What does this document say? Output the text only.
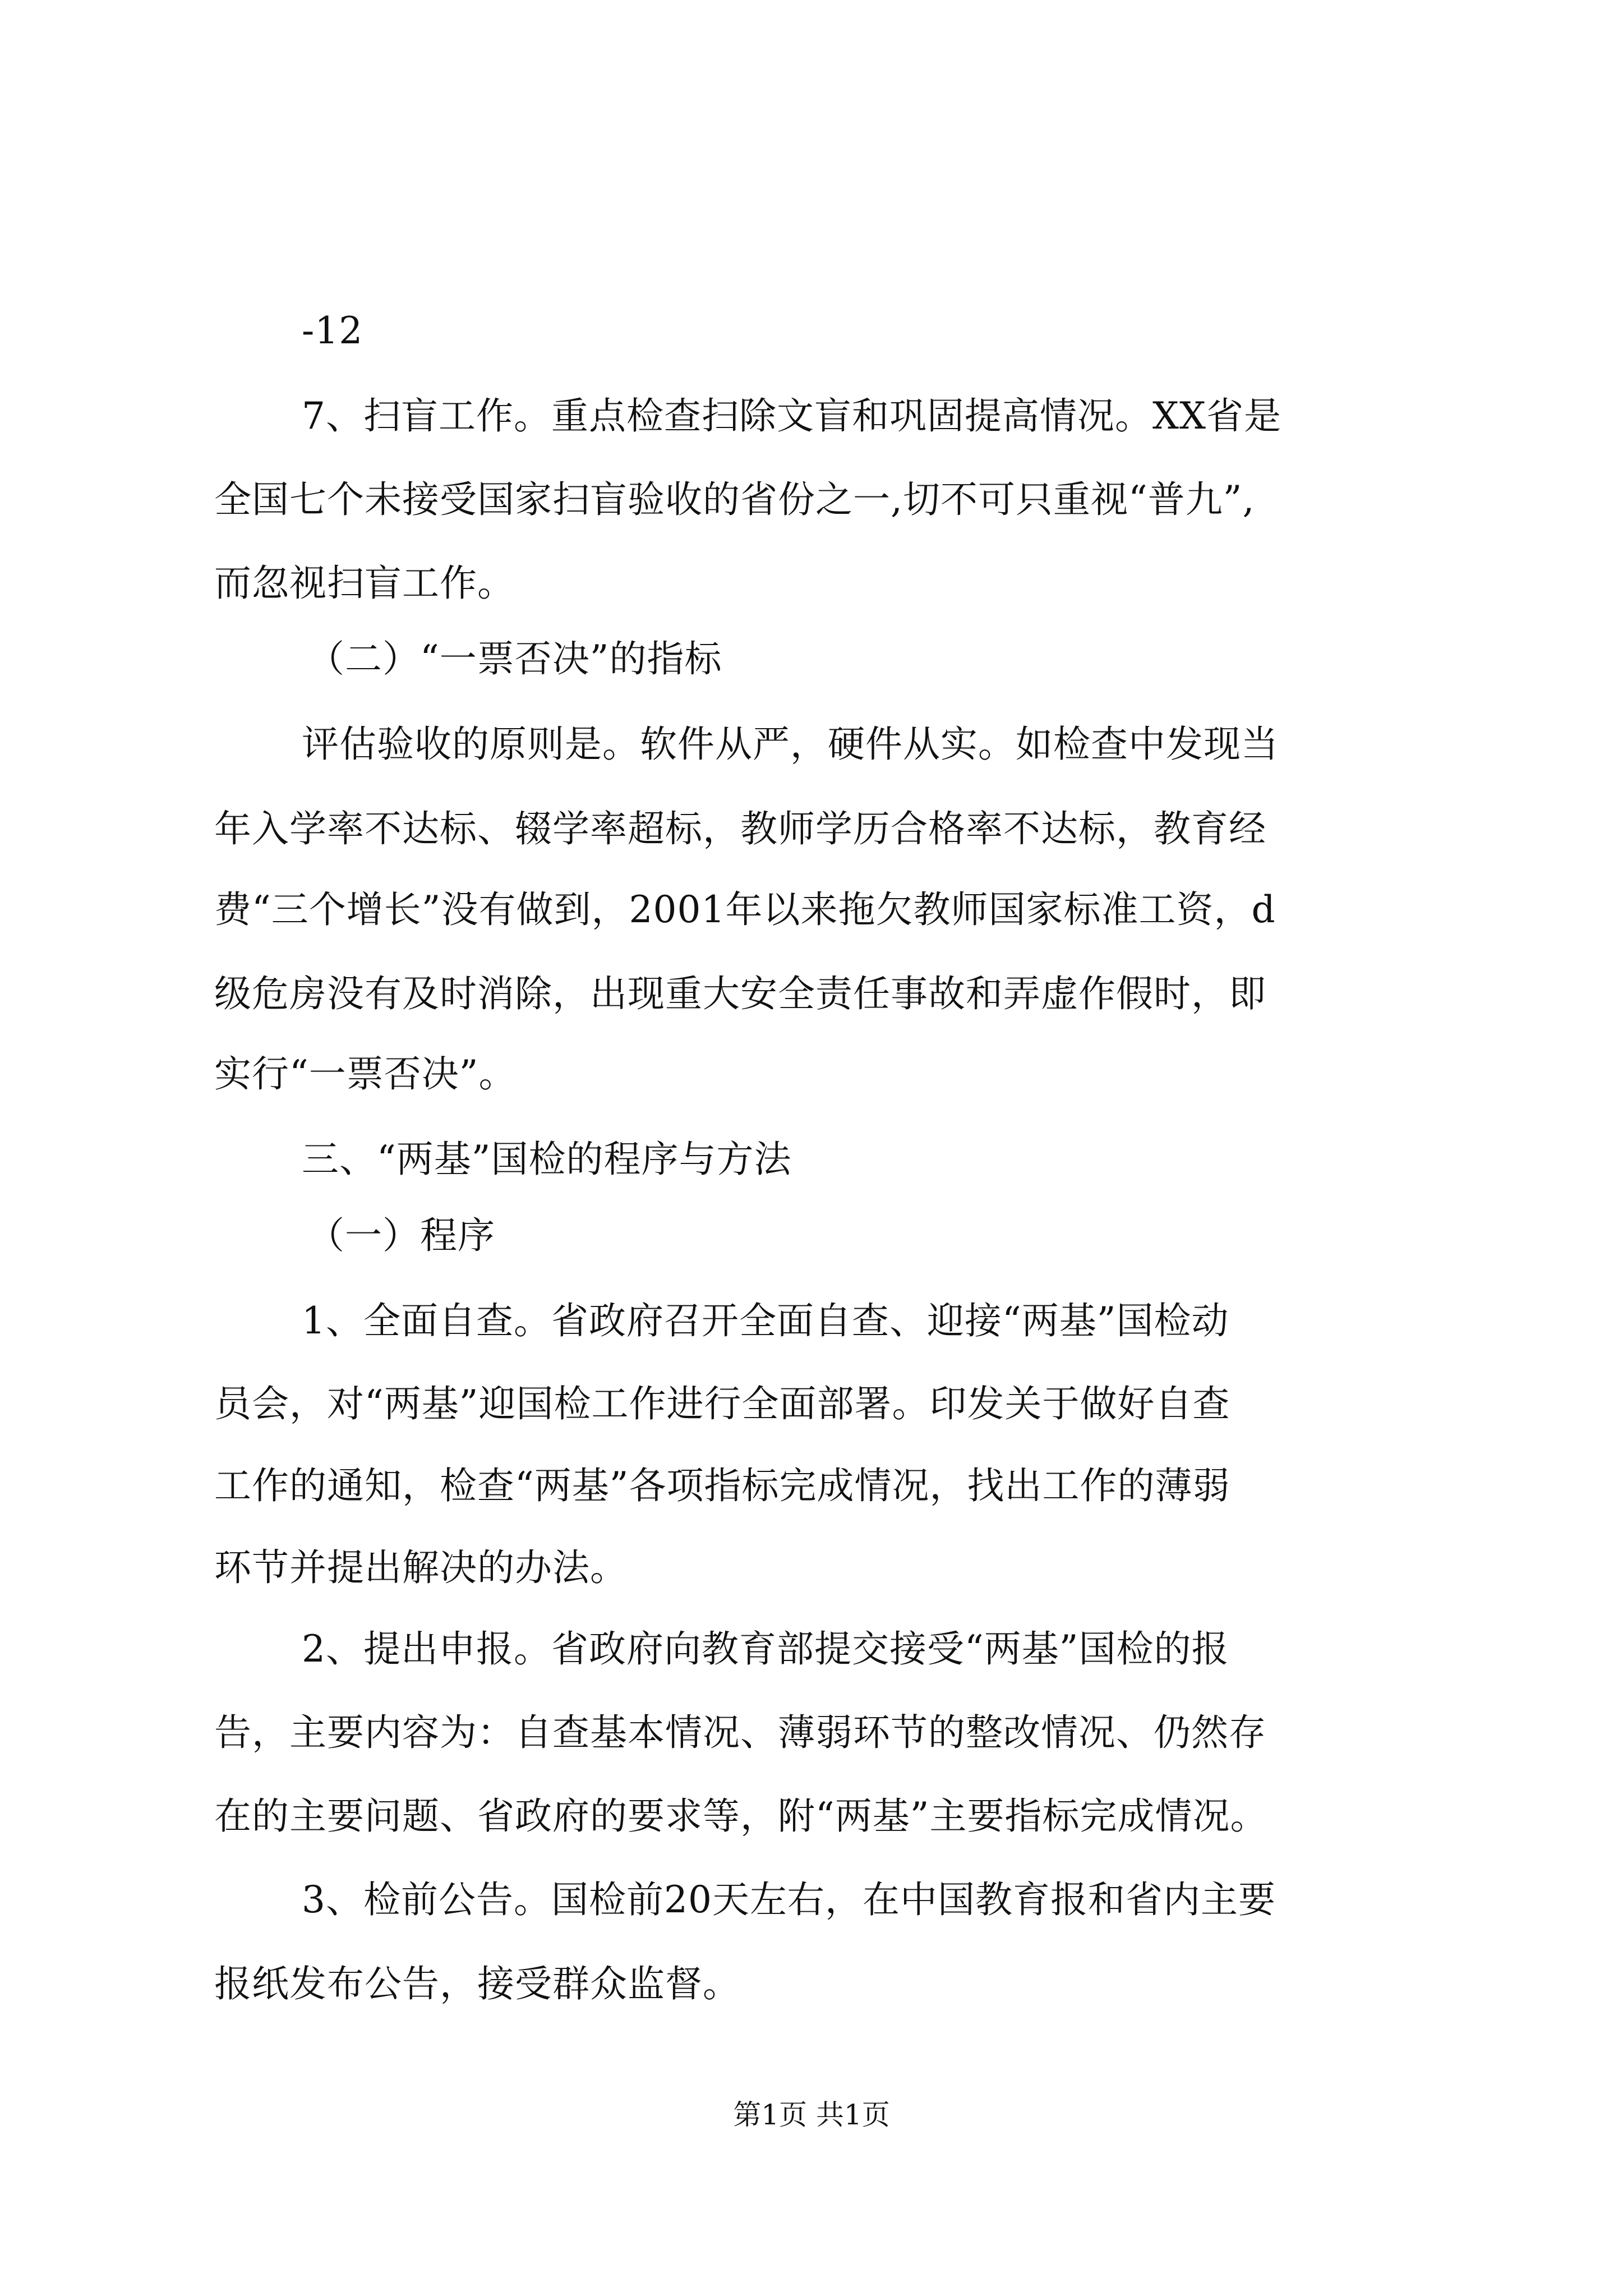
-12
7、扫盲工作。重点检查扫除文盲和巩固提高情况。XX省是
全国七个未接受国家扫盲验收的省份之一,切不可只重视“普九”,
而忽视扫盲工作。
（二）“一票否决”的指标
评估验收的原则是。软件从严，硬件从实。如检查中发现当
年入学率不达标、辍学率超标，教师学历合格率不达标，教育经
费“三个增长”没有做到，2001年以来拖欠教师国家标准工资，d
级危房没有及时消除，出现重大安全责任事故和弄虚作假时，即
实行“一票否决”。
三、“两基”国检的程序与方法
（一）程序
1、全面自查。省政府召开全面自查、迎接“两基”国检动
员会，对“两基”迎国检工作进行全面部署。印发关于做好自查
工作的通知，检查“两基”各项指标完成情况，找出工作的薄弱
环节并提出解决的办法。
2、提出申报。省政府向教育部提交接受“两基”国检的报
告，主要内容为：自查基本情况、薄弱环节的整改情况、仍然存
在的主要问题、省政府的要求等，附“两基”主要指标完成情况。
3、检前公告。国检前20天左右，在中国教育报和省内主要
报纸发布公告，接受群众监督。
第1页 共1页
